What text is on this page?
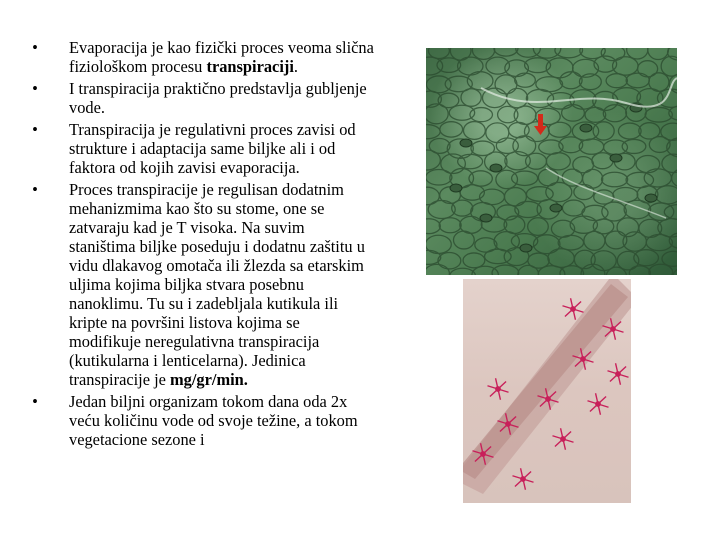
• Evaporacija je kao fizički proces veoma slična fiziološkom procesu transpiraciji.
• I transpiracija praktično predstavlja gubljenje vode.
• Transpiracija je regulativni proces zavisi od strukture i adaptacija same biljke ali i od faktora od kojih zavisi evaporacija.
• Proces transpiracije je regulisan dodatnim mehanizmima kao što su stome, one se zatvaraju kad je T visoka. Na suvim staništima biljke poseduju i dodatnu zaštitu u vidu dlakavog omotača ili žlezda sa etarskim uljima kojima biljka stvara posebnu nanoklimu. Tu su i zadebljala kutikula ili kripte na površini listova kojima se modifikuje neregulativna transpiracija (kutikularna i lenticelarna). Jedinica transpiracije je mg/gr/min.
• Jedan biljni organizam tokom dana oda 2x veću količinu vode od svoje težine, a tokom vegetacione sezone i
